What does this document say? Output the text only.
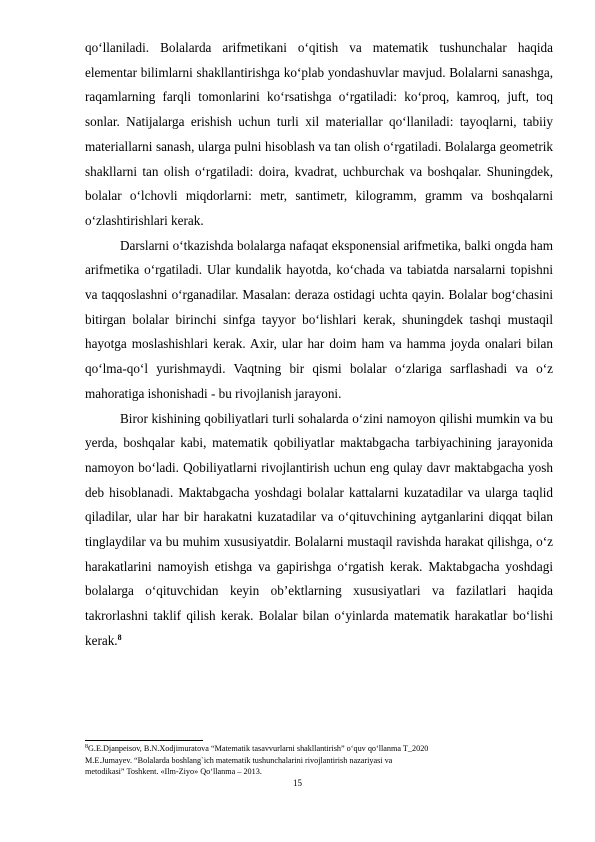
qo‘llaniladi. Bolalarda arifmetikani o‘qitish va matematik tushunchalar haqida elementar bilimlarni shakllantirishga ko‘plab yondashuvlar mavjud. Bolalarni sanashga, raqamlarning farqli tomonlarini ko‘rsatishga o‘rgatiladi: ko‘proq, kamroq, juft, toq sonlar. Natijalarga erishish uchun turli xil materiallar qo‘llaniladi: tayoqlarni, tabiiy materiallarni sanash, ularga pulni hisoblash va tan olish o‘rgatiladi. Bolalarga geometrik shakllarni tan olish o‘rgatiladi: doira, kvadrat, uchburchak va boshqalar. Shuningdek, bolalar o‘lchovli miqdorlarni: metr, santimetr, kilogramm, gramm va boshqalarni o‘zlashtirishlari kerak.

Darslarni o‘tkazishda bolalarga nafaqat eksponensial arifmetika, balki ongda ham arifmetika o‘rgatiladi. Ular kundalik hayotda, ko‘chada va tabiatda narsalarni topishni va taqqoslashni o‘rganadilar. Masalan: deraza ostidagi uchta qayin. Bolalar bog‘chasini bitirgan bolalar birinchi sinfga tayyor bo‘lishlari kerak, shuningdek tashqi mustaqil hayotga moslashishlari kerak. Axir, ular har doim ham va hamma joyda onalari bilan qo‘lma-qo‘l yurishmaydi. Vaqtning bir qismi bolalar o‘zlariga sarflashadi va o‘z mahoratiga ishonishadi - bu rivojlanish jarayoni.

Biror kishining qobiliyatlari turli sohalarda o‘zini namoyon qilishi mumkin va bu yerda, boshqalar kabi, matematik qobiliyatlar maktabgacha tarbiyachining jarayonida namoyon bo‘ladi. Qobiliyatlarni rivojlantirish uchun eng qulay davr maktabgacha yosh deb hisoblanadi. Maktabgacha yoshdagi bolalar kattalarni kuzatadilar va ularga taqlid qiladilar, ular har bir harakatni kuzatadilar va o‘qituvchining aytganlarini diqqat bilan tinglaydilar va bu muhim xususiyatdir. Bolalarni mustaqil ravishda harakat qilishga, o‘z harakatlarini namoyish etishga va gapirishga o‘rgatish kerak. Maktabgacha yoshdagi bolalarga o‘qituvchidan keyin ob’ektlarning xususiyatlari va fazilatlari haqida takrorlashni taklif qilish kerak. Bolalar bilan o‘yinlarda matematik harakatlar bo‘lishi kerak.$^8$

$^8$G.E.Djanpeisov, B.N.Xodjimuratova “Matematik tasavvurlarni shakllantirish” o‘quv qo‘llanma T_2020

M.E.Jumayev. “Bolalarda boshlang`ich matematik tushunchalarini rivojlantirish nazariyasi va

metodikasi” Toshkent. «Ilm-Ziyo» Qo‘llanma – 2013.

15
